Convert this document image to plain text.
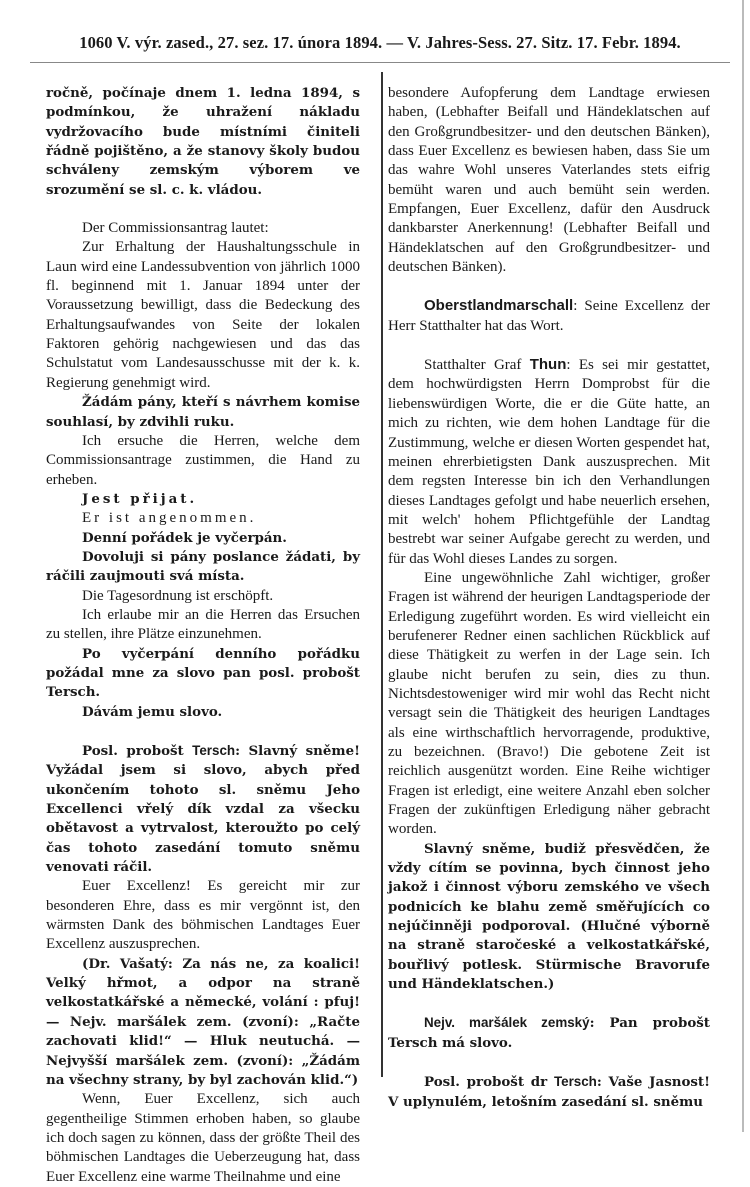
1060 V. výr. zased., 27. sez. 17. února 1894. — V. Jahres-Sess. 27. Sitz. 17. Febr. 1894.

ročně, počínaje dnem 1. ledna 1894, s podmínkou, že uhražení nákladu vydržovacího bude místními činiteli řádně pojištěno, a že stanovy školy budou schváleny zemským výborem ve srozumění se sl. c. k. vládou.

Der Commissionsantrag lautet:

Zur Erhaltung der Haushaltungsschule in Laun wird eine Landessubvention von jährlich 1000 fl. beginnend mit 1. Januar 1894 unter der Voraussetzung bewilligt, dass die Bedeckung des Erhaltungsaufwandes von Seite der lokalen Faktoren gehörig nachgewiesen und das das Schulstatut vom Landesausschusse mit der k. k. Regierung genehmigt wird.

Žádám pány, kteří s návrhem komise souhlasí, by zdvihli ruku.

Ich ersuche die Herren, welche dem Commissionsantrage zustimmen, die Hand zu erheben.

Jest přijat.

Er ist angenommen.

Denní pořádek je vyčerpán.

Dovoluji si pány poslance žádati, by ráčili zaujmouti svá místa.

Die Tagesordnung ist erschöpft.

Ich erlaube mir an die Herren das Ersuchen zu stellen, ihre Plätze einzunehmen.

Po vyčerpání denního pořádku požádal mne za slovo pan posl. probošt Tersch.

Dávám jemu slovo.

Posl. probošt Tersch: Slavný sněme! Vyžádal jsem si slovo, abych před ukončením tohoto sl. sněmu Jeho Excellenci vřelý dík vzdal za všecku obětavost a vytrvalost, kteroužto po celý čas tohoto zasedání tomuto sněmu venovati ráčil.

Euer Excellenz! Es gereicht mir zur besonderen Ehre, dass es mir vergönnt ist, den wärmsten Dank des böhmischen Landtages Euer Excellenz auszusprechen.

(Dr. Vašatý: Za nás ne, za koalici! Velký hřmot, a odpor na straně velkostatkářské a německé, volání : pfuj! — Nejv. maršálek zem. (zvoní): „Račte zachovati klid!“ — Hluk neutuchá. — Nejvyšší maršálek zem. (zvoní): „Žádám na všechny strany, by byl zachován klid.“)

Wenn, Euer Excellenz, sich auch gegentheilige Stimmen erhoben haben, so glaube ich doch sagen zu können, dass der größte Theil des böhmischen Landtages die Ueberzeugung hat, dass Euer Excellenz eine warme Theilnahme und eine

besondere Aufopferung dem Landtage erwiesen haben, (Lebhafter Beifall und Händeklatschen auf den Großgrundbesitzer- und den deutschen Bänken), dass Euer Excellenz es bewiesen haben, dass Sie um das wahre Wohl unseres Vaterlandes stets eifrig bemüht waren und auch bemüht sein werden. Empfangen, Euer Excellenz, dafür den Ausdruck dankbarster Anerkennung! (Lebhafter Beifall und Händeklatschen auf den Großgrundbesitzer- und deutschen Bänken).

Oberstlandmarschall: Seine Excellenz der Herr Statthalter hat das Wort.

Statthalter Graf Thun: Es sei mir gestattet, dem hochwürdigsten Herrn Domprobst für die liebenswürdigen Worte, die er die Güte hatte, an mich zu richten, wie dem hohen Landtage für die Zustimmung, welche er diesen Worten gespendet hat, meinen ehrerbietigsten Dank auszusprechen. Mit dem regsten Interesse bin ich den Verhandlungen dieses Landtages gefolgt und habe neuerlich ersehen, mit welch' hohem Pflichtgefühle der Landtag bestrebt war seiner Aufgabe gerecht zu werden, und für das Wohl dieses Landes zu sorgen.

Eine ungewöhnliche Zahl wichtiger, großer Fragen ist während der heurigen Landtagsperiode der Erledigung zugeführt worden. Es wird vielleicht ein berufenerer Redner einen sachlichen Rückblick auf diese Thätigkeit zu werfen in der Lage sein. Ich glaube nicht berufen zu sein, dies zu thun. Nichtsdestoweniger wird mir wohl das Recht nicht versagt sein die Thätigkeit des heurigen Landtages als eine wirthschaftlich hervorragende, produktive, zu bezeichnen. (Bravo!) Die gebotene Zeit ist reichlich ausgenützt worden. Eine Reihe wichtiger Fragen ist erledigt, eine weitere Anzahl eben solcher Fragen der zukünftigen Erledigung näher gebracht worden.

Slavný sněme, budiž přesvědčen, že vždy cítím se povinna, bych činnost jeho jakož i činnost výboru zemského ve všech podnicích ke blahu země směřujících co nejúčinněji podporoval. (Hlučné výborně na straně staročeské a velkostatkářské, bouřlivý potlesk. Stürmische Bravorufe und Händeklatschen.)

Nejv. maršálek zemský: Pan probošt Tersch má slovo.

Posl. probošt dr Tersch: Vaše Jasnost! V uplynulém, letošním zasedání sl. sněmu
